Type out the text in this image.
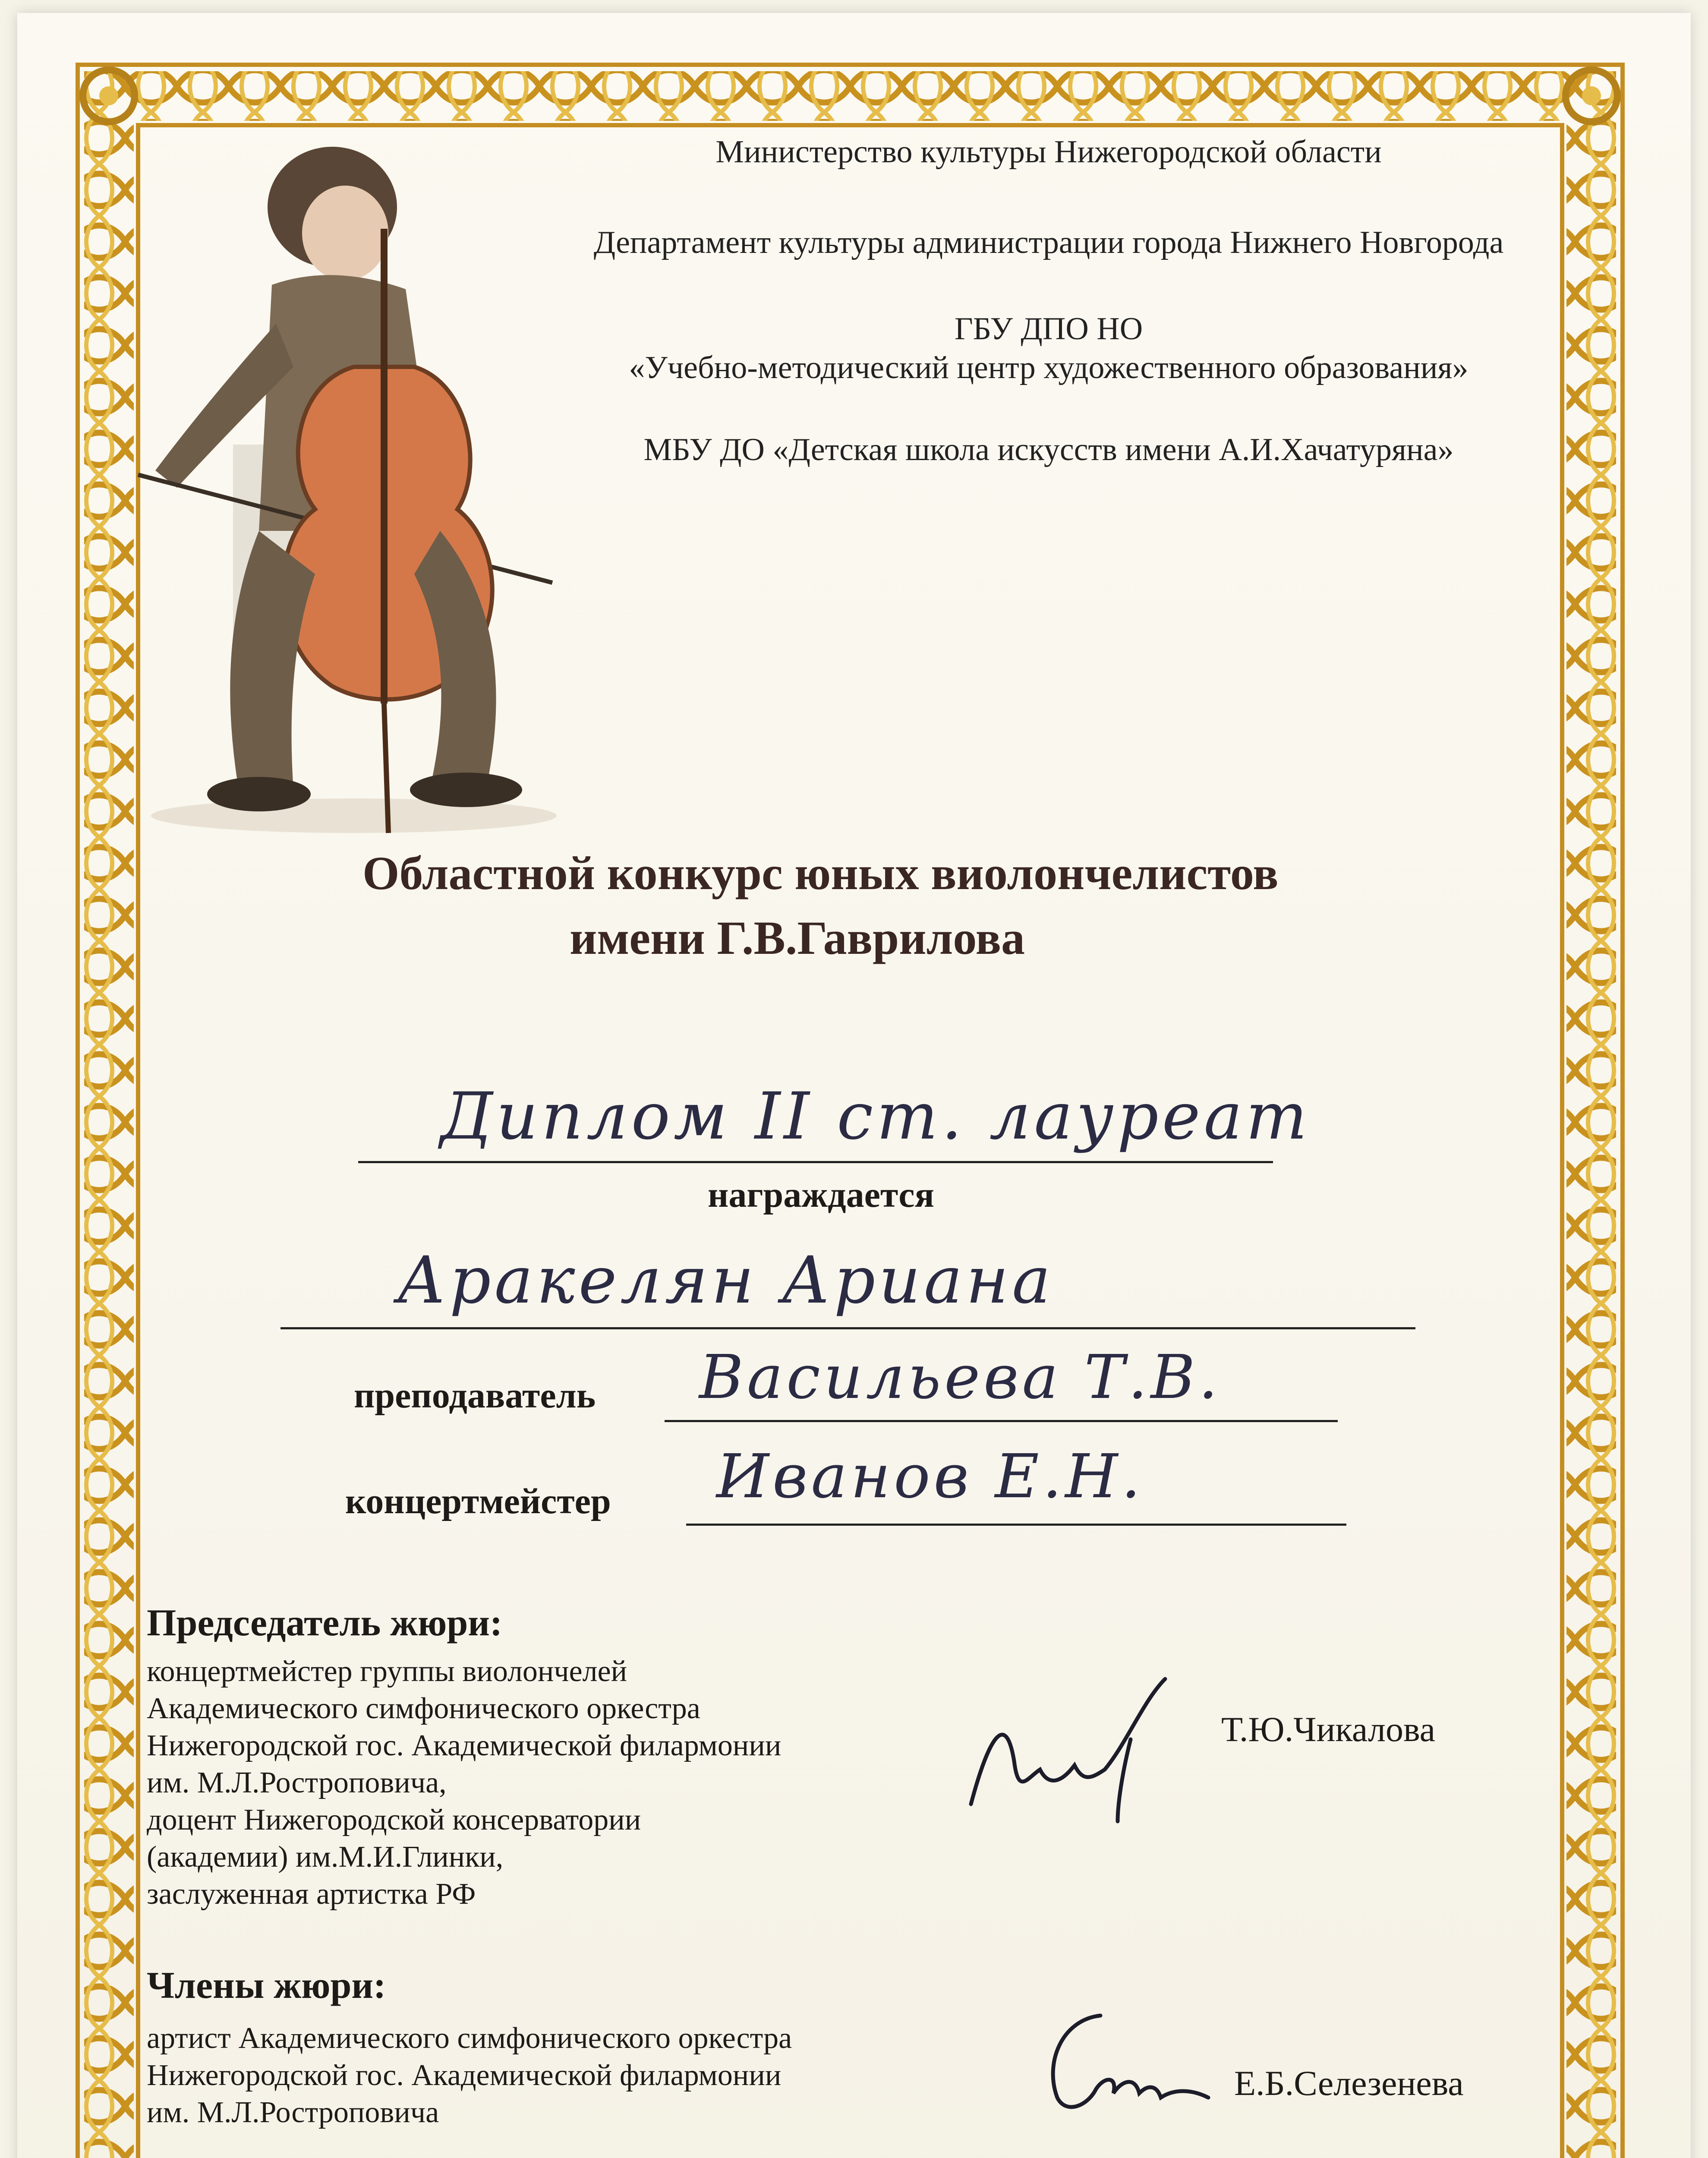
Министерство культуры Нижегородской области
Департамент культуры администрации города Нижнего Новгорода
ГБУ ДПО НО
«Учебно-методический центр художественного образования»
МБУ ДО «Детская школа искусств имени А.И.Хачатуряна»
Областной конкурс юных виолончелистов
имени Г.В.Гаврилова
Диплом II ст. лауреат
награждается
Аракелян Ариана
преподаватель Васильева Т.В.
концертмейстер Иванов Е.Н.
Председатель жюри:
концертмейстер группы виолончелей
Академического симфонического оркестра
Нижегородской гос. Академической филармонии
им. М.Л.Ростроповича,
доцент Нижегородской консерватории
(академии) им.М.И.Глинки,
заслуженная артистка РФ
Т.Ю.Чикалова
Члены жюри:
артист Академического симфонического оркестра
Нижегородской гос. Академической филармонии
им. М.Л.Ростроповича
Е.Б.Селезенева
